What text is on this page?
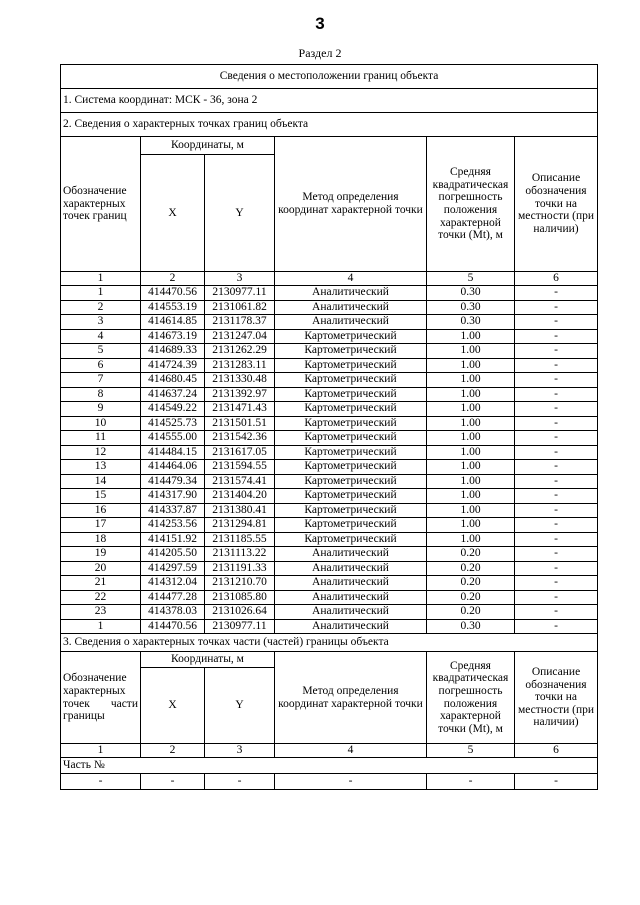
3
Раздел 2
Сведения о местоположении границ объекта					
1. Система координат: МСК - 36, зона 2					
2. Сведения о характерных точках границ объекта					
Обозначение характерных точек границ	Координаты, м		Метод определения координат характерной точки	Средняя квадратическая погрешность положения характерной точки (Mt), м	Описание обозначения точки на местности (при наличии)
	X	Y			
1	2	3	4	5	6
1	414470.56	2130977.11	Аналитический	0.30	-
2	414553.19	2131061.82	Аналитический	0.30	-
3	414614.85	2131178.37	Аналитический	0.30	-
4	414673.19	2131247.04	Картометрический	1.00	-
5	414689.33	2131262.29	Картометрический	1.00	-
6	414724.39	2131283.11	Картометрический	1.00	-
7	414680.45	2131330.48	Картометрический	1.00	-
8	414637.24	2131392.97	Картометрический	1.00	-
9	414549.22	2131471.43	Картометрический	1.00	-
10	414525.73	2131501.51	Картометрический	1.00	-
11	414555.00	2131542.36	Картометрический	1.00	-
12	414484.15	2131617.05	Картометрический	1.00	-
13	414464.06	2131594.55	Картометрический	1.00	-
14	414479.34	2131574.41	Картометрический	1.00	-
15	414317.90	2131404.20	Картометрический	1.00	-
16	414337.87	2131380.41	Картометрический	1.00	-
17	414253.56	2131294.81	Картометрический	1.00	-
18	414151.92	2131185.55	Картометрический	1.00	-
19	414205.50	2131113.22	Аналитический	0.20	-
20	414297.59	2131191.33	Аналитический	0.20	-
21	414312.04	2131210.70	Аналитический	0.20	-
22	414477.28	2131085.80	Аналитический	0.20	-
23	414378.03	2131026.64	Аналитический	0.20	-
1	414470.56	2130977.11	Аналитический	0.30	-
3. Сведения о характерных точках части (частей) границы объекта					

Обозначение характерных точек части границы	Координаты, м		Метод определения координат характерной точки	Средняя квадратическая погрешность положения характерной точки (Mt), м	Описание обозначения точки на местности (при наличии)
	X	Y			
1	2	3	4	5	6
Часть №					
-	-	-	-	-	-
